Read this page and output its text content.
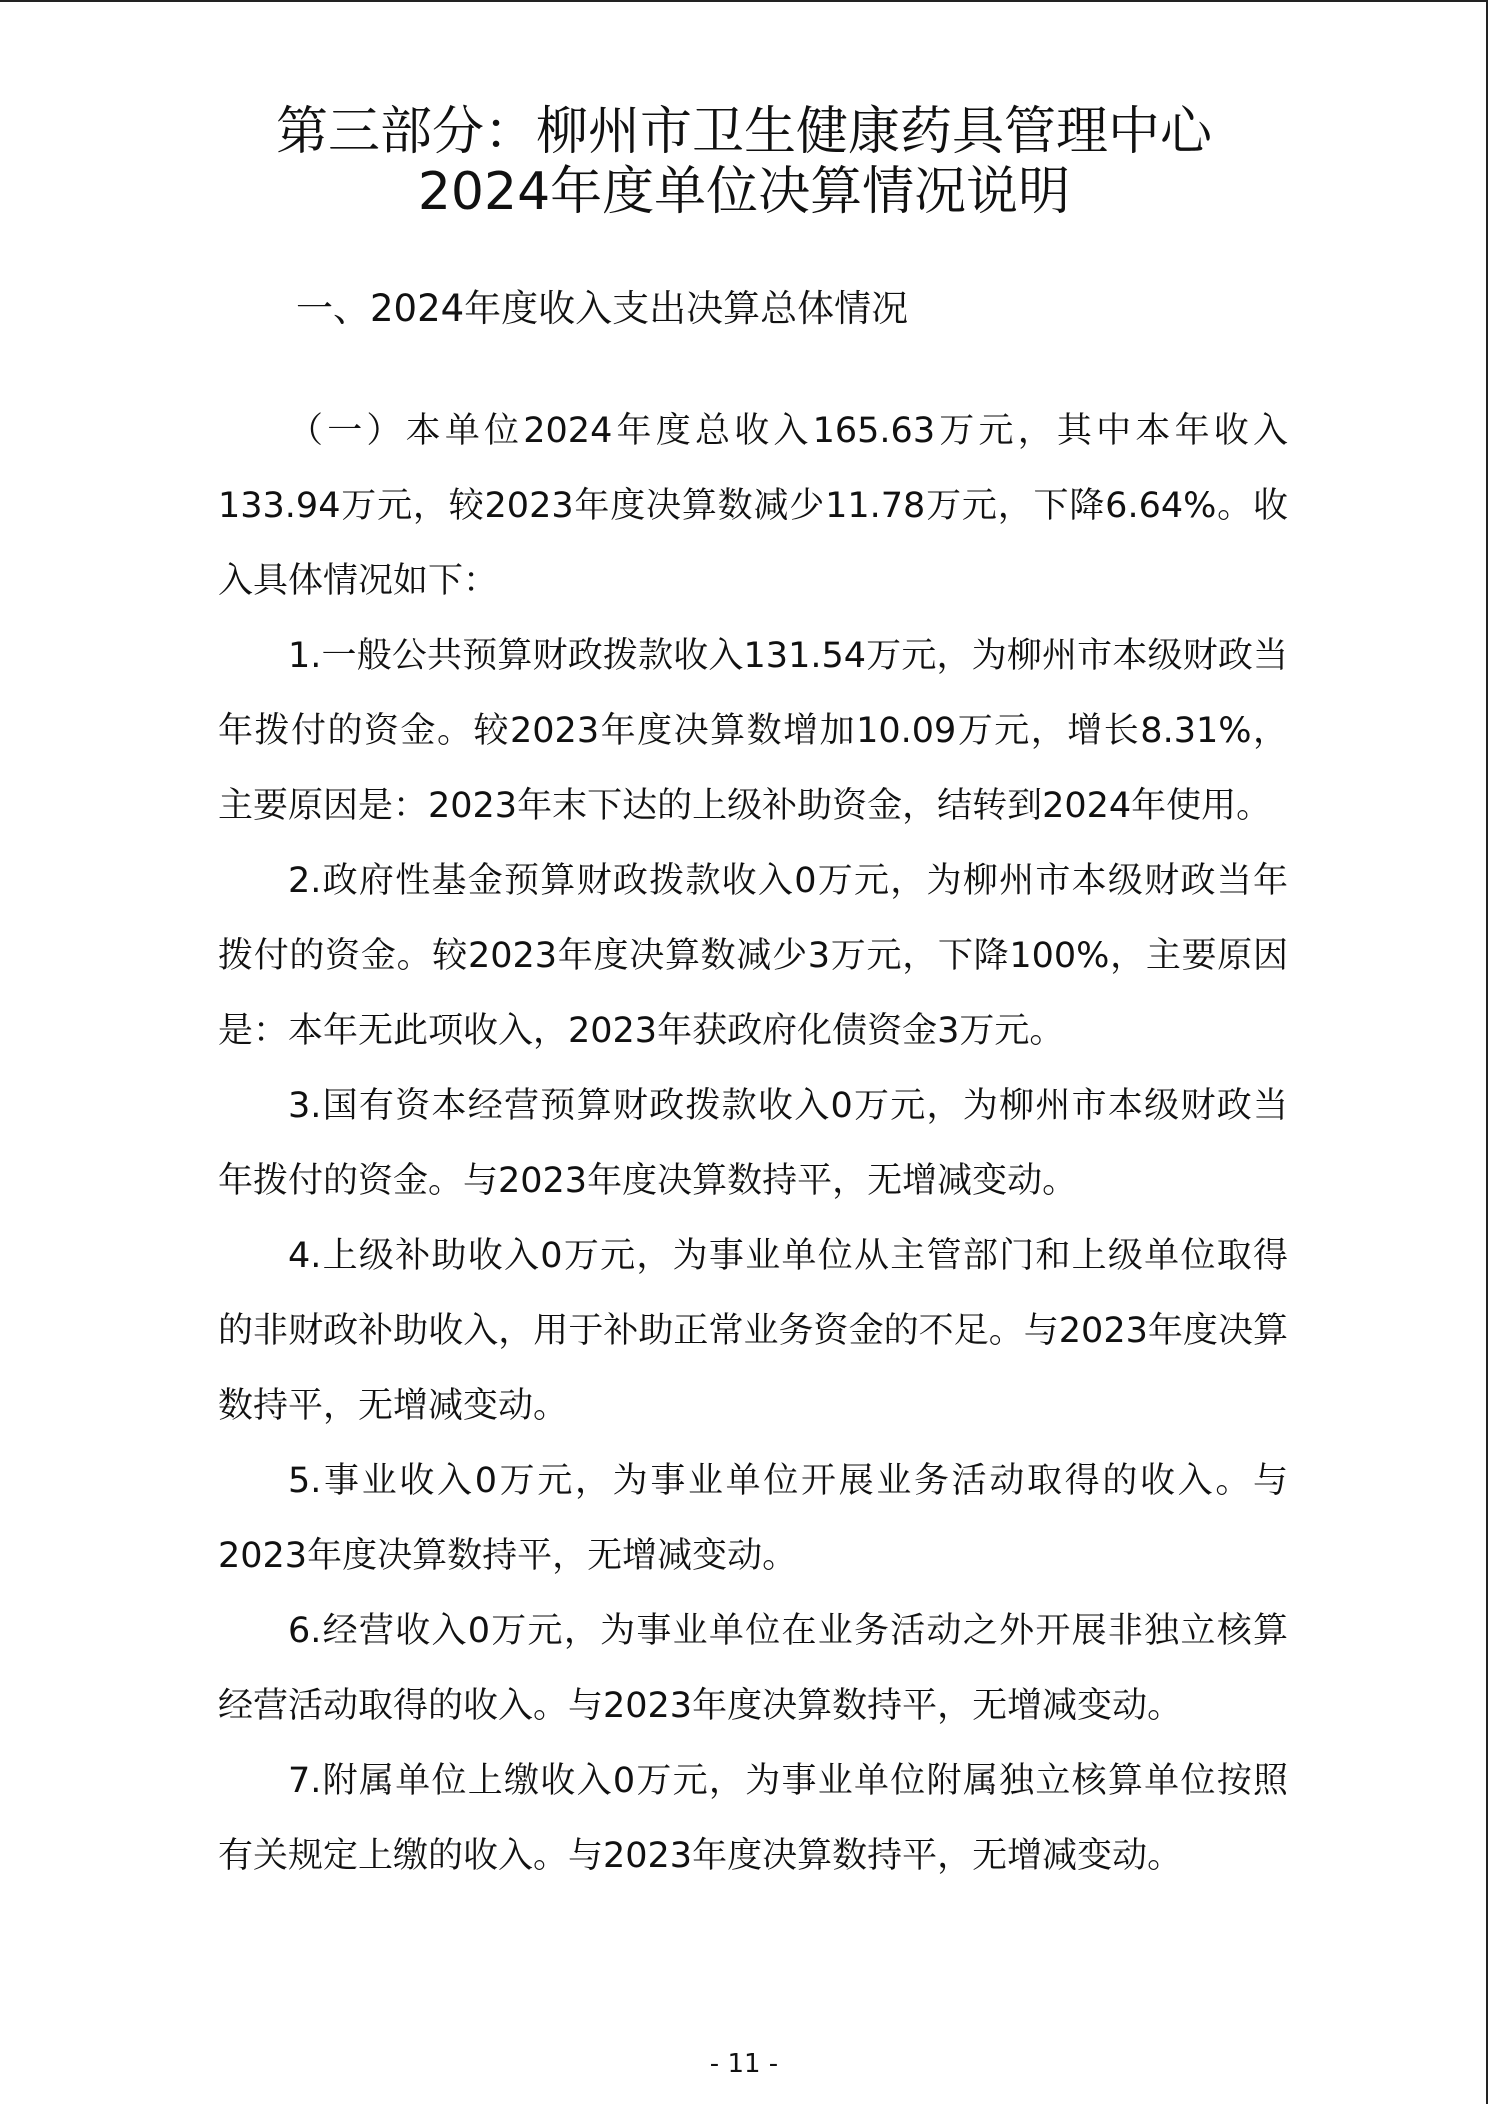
第三部分：柳州市卫生健康药具管理中心
2024年度单位决算情况说明
一、2024年度收入支出决算总体情况

（一）本单位2024年度总收入165.63万元，其中本年收入133.94万元，较2023年度决算数减少11.78万元，下降6.64%。收入具体情况如下：

1.一般公共预算财政拨款收入131.54万元，为柳州市本级财政当年拨付的资金。较2023年度决算数增加10.09万元，增长8.31%，主要原因是：2023年末下达的上级补助资金，结转到2024年使用。

2.政府性基金预算财政拨款收入0万元，为柳州市本级财政当年拨付的资金。较2023年度决算数减少3万元，下降100%，主要原因是：本年无此项收入，2023年获政府化债资金3万元。

3.国有资本经营预算财政拨款收入0万元，为柳州市本级财政当年拨付的资金。与2023年度决算数持平，无增减变动。

4.上级补助收入0万元，为事业单位从主管部门和上级单位取得的非财政补助收入，用于补助正常业务资金的不足。与2023年度决算数持平，无增减变动。

5.事业收入0万元，为事业单位开展业务活动取得的收入。与2023年度决算数持平，无增减变动。

6.经营收入0万元，为事业单位在业务活动之外开展非独立核算经营活动取得的收入。与2023年度决算数持平，无增减变动。

7.附属单位上缴收入0万元，为事业单位附属独立核算单位按照有关规定上缴的收入。与2023年度决算数持平，无增减变动。

- 11 -
